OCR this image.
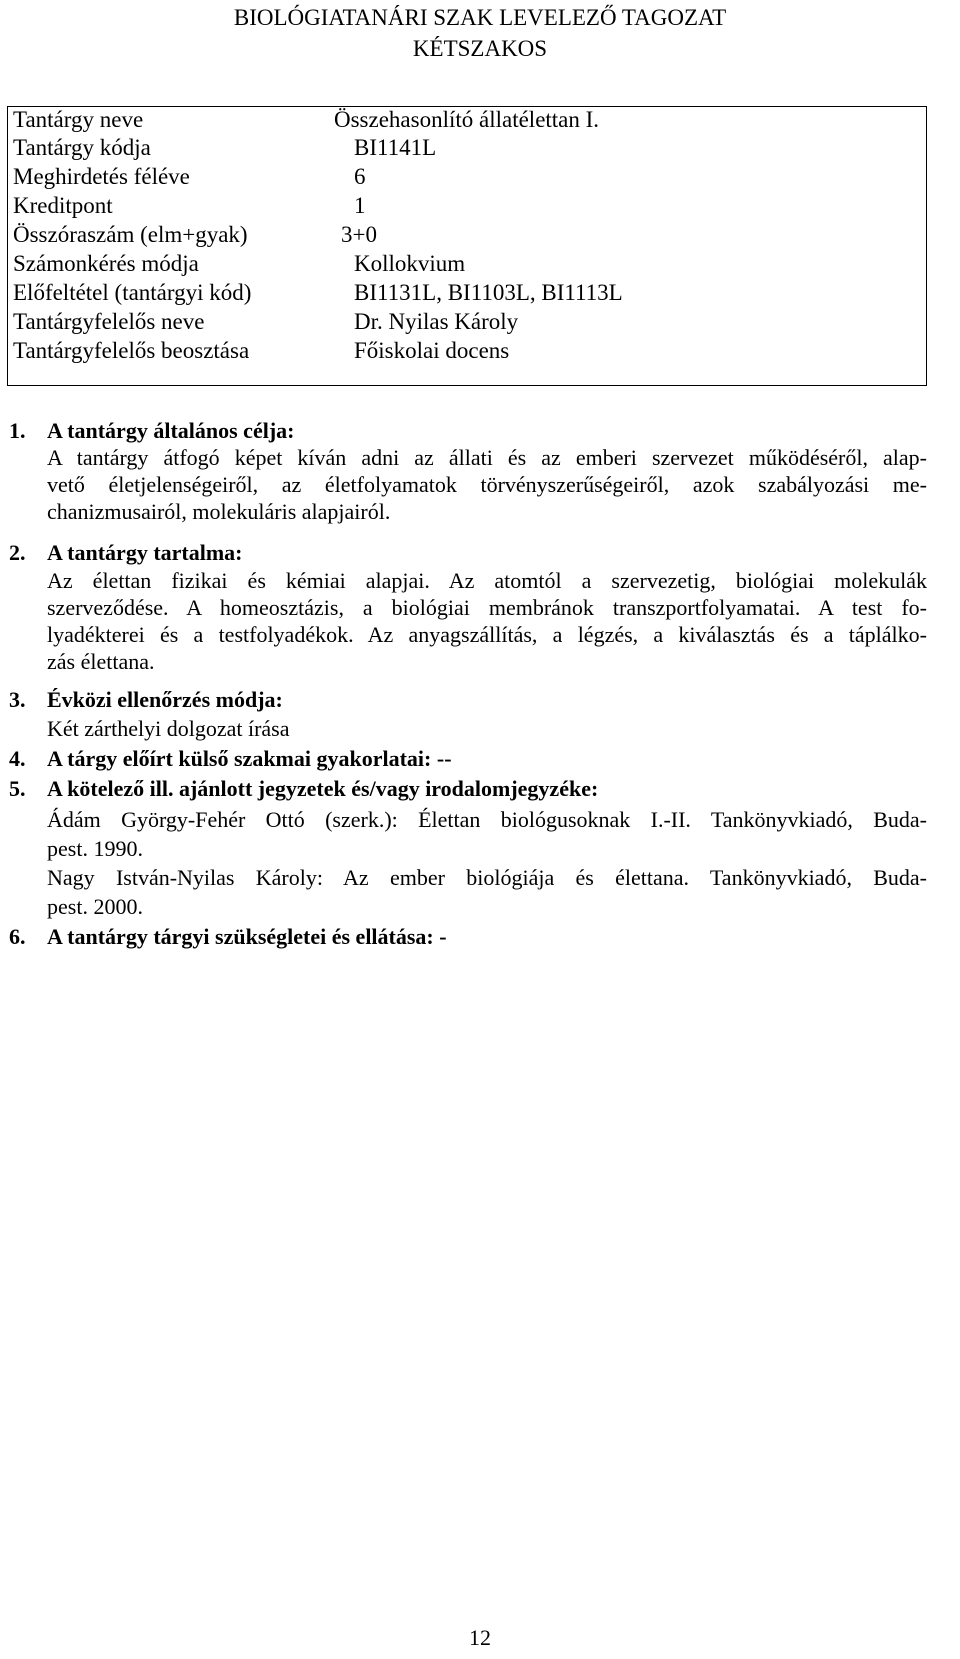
BIOLÓGIATANÁRI SZAK LEVELEZŐ TAGOZAT
KÉTSZAKOS
Tantárgy neve	Összehasonlító állatélettan I.
Tantárgy kódja	BI1141L
Meghirdetés féléve	6
Kreditpont	1
Összóraszám (elm+gyak)	3+0
Számonkérés módja	Kollokvium
Előfeltétel (tantárgyi kód)	BI1131L, BI1103L, BI1113L
Tantárgyfelelős neve	Dr. Nyilas Károly
Tantárgyfelelős beosztása	Főiskolai docens
1. A tantárgy általános célja:
A tantárgy átfogó képet kíván adni az állati és az emberi szervezet működéséről, alap-
vető életjelenségeiről, az életfolyamatok törvényszerűségeiről, azok szabályozási me-
chanizmusairól, molekuláris alapjairól.
2. A tantárgy tartalma:
Az élettan fizikai és kémiai alapjai. Az atomtól a szervezetig, biológiai molekulák
szerveződése. A homeosztázis, a biológiai membránok transzportfolyamatai. A test fo-
lyadékterei és a testfolyadékok. Az anyagszállítás, a légzés, a kiválasztás és a táplálko-
zás élettana.
3. Évközi ellenőrzés módja:
Két zárthelyi dolgozat írása
4. A tárgy előírt külső szakmai gyakorlatai: --
5. A kötelező ill. ajánlott jegyzetek és/vagy irodalomjegyzéke:
Ádám György-Fehér Ottó (szerk.): Élettan biológusoknak I.-II. Tankönyvkiadó, Buda-
pest. 1990.
Nagy István-Nyilas Károly: Az ember biológiája és élettana. Tankönyvkiadó, Buda-
pest. 2000.
6. A tantárgy tárgyi szükségletei és ellátása: -
12
